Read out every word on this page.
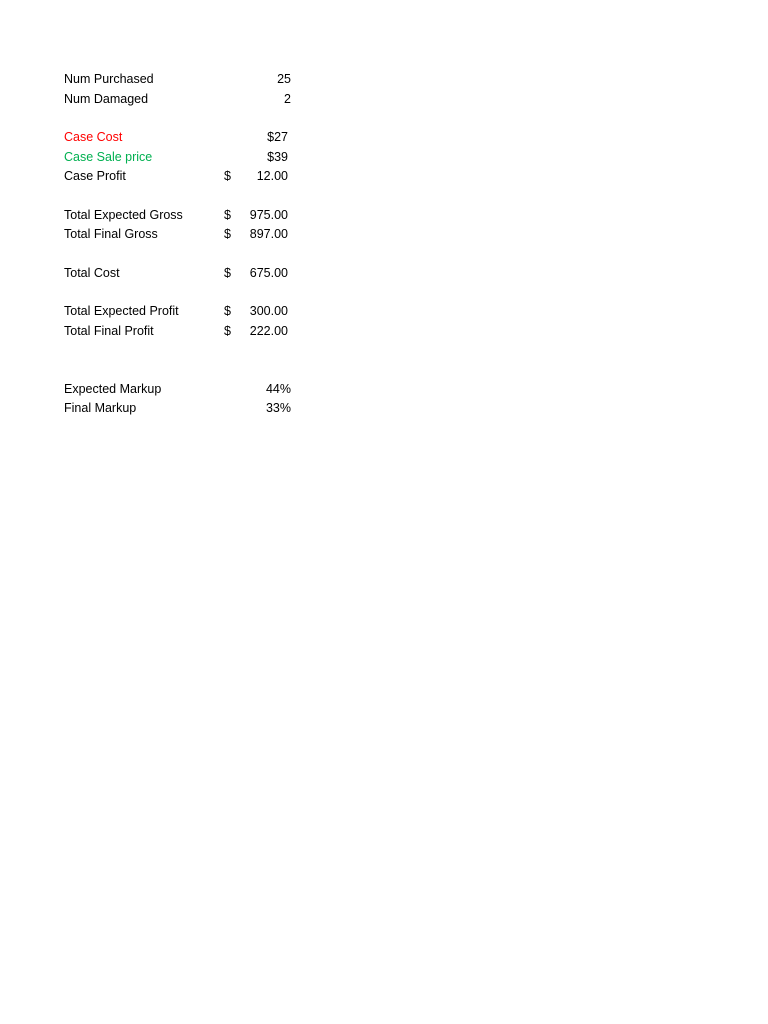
Num Purchased	25
Num Damaged	2
Case Cost	$27
Case Sale price	$39
Case Profit	$ 12.00
Total Expected Gross	$ 975.00
Total Final Gross	$ 897.00
Total Cost	$ 675.00
Total Expected Profit	$ 300.00
Total Final Profit	$ 222.00
Expected Markup	44%
Final Markup	33%
